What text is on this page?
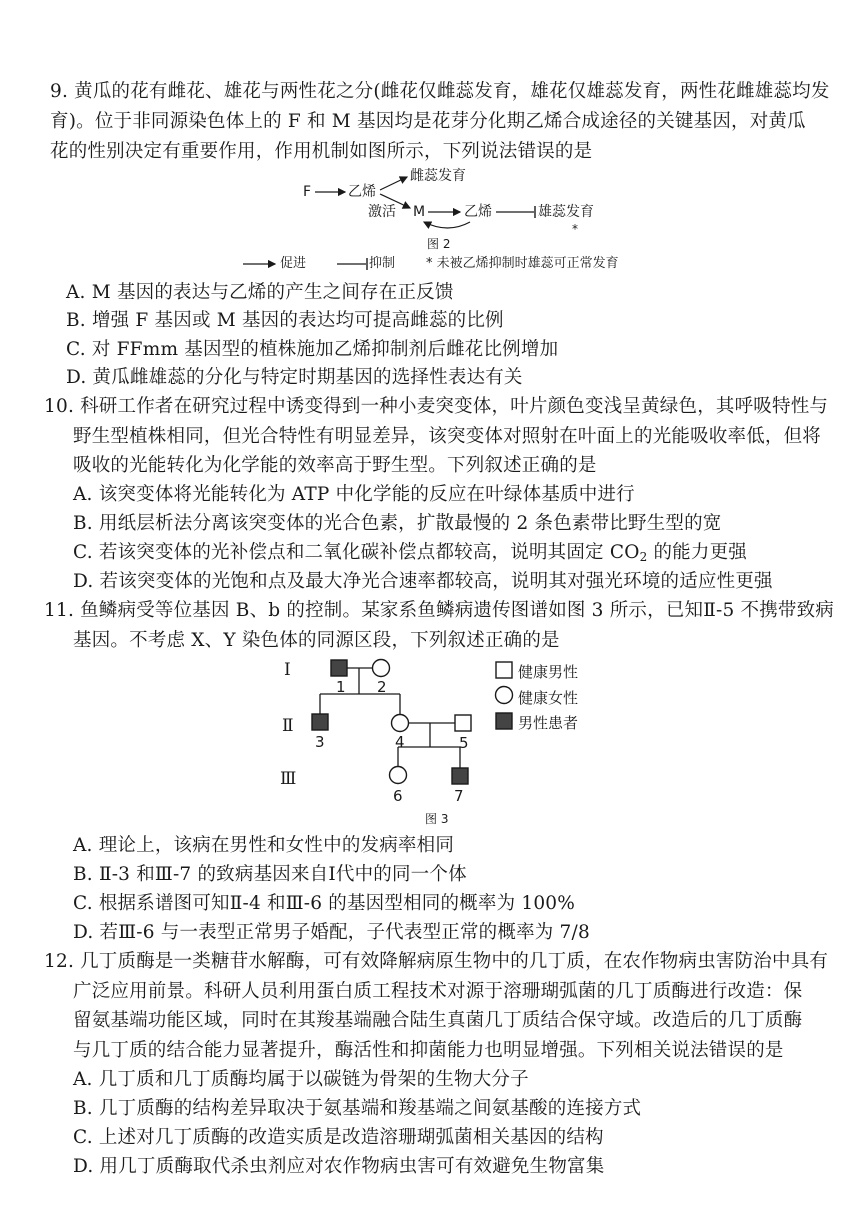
9. 黄瓜的花有雌花、雄花与两性花之分(雌花仅雌蕊发育，雄花仅雄蕊发育，两性花雌雄蕊均发
育)。位于非同源染色体上的 F 和 M 基因均是花芽分化期乙烯合成途径的关键基因，对黄瓜
花的性别决定有重要作用，作用机制如图所示，下列说法错误的是
F	乙烯
雌蕊发育
激活 M	乙烯	雄蕊发育
*
图 2
促进	抑制 * 未被乙烯抑制时雄蕊可正常发育
A. M 基因的表达与乙烯的产生之间存在正反馈
B. 增强 F 基因或 M 基因的表达均可提高雌蕊的比例
C. 对 FFmm 基因型的植株施加乙烯抑制剂后雌花比例增加
D. 黄瓜雌雄蕊的分化与特定时期基因的选择性表达有关
10. 科研工作者在研究过程中诱变得到一种小麦突变体，叶片颜色变浅呈黄绿色，其呼吸特性与
野生型植株相同，但光合特性有明显差异，该突变体对照射在叶面上的光能吸收率低，但将
吸收的光能转化为化学能的效率高于野生型。下列叙述正确的是
A. 该突变体将光能转化为 ATP 中化学能的反应在叶绿体基质中进行
B. 用纸层析法分离该突变体的光合色素，扩散最慢的 2 条色素带比野生型的宽
C. 若该突变体的光补偿点和二氧化碳补偿点都较高，说明其固定 $CO_2$ 的能力更强
D. 若该突变体的光饱和点及最大净光合速率都较高，说明其对强光环境的适应性更强
11. 鱼鳞病受等位基因 B、b 的控制。某家系鱼鳞病遗传图谱如图 3 所示，已知Ⅱ-5 不携带致病
基因。不考虑 X、Y 染色体的同源区段，下列叙述正确的是
Ⅰ
Ⅱ
Ⅲ
1 2
3	4	5
6	7
健康男性
健康女性
男性患者
图 3
A. 理论上，该病在男性和女性中的发病率相同
B. Ⅱ-3 和Ⅲ-7 的致病基因来自Ⅰ代中的同一个体
C. 根据系谱图可知Ⅱ-4 和Ⅲ-6 的基因型相同的概率为 100%
D. 若Ⅲ-6 与一表型正常男子婚配，子代表型正常的概率为 7/8
12. 几丁质酶是一类糖苷水解酶，可有效降解病原生物中的几丁质，在农作物病虫害防治中具有
广泛应用前景。科研人员利用蛋白质工程技术对源于溶珊瑚弧菌的几丁质酶进行改造：保
留氨基端功能区域，同时在其羧基端融合陆生真菌几丁质结合保守域。改造后的几丁质酶
与几丁质的结合能力显著提升，酶活性和抑菌能力也明显增强。下列相关说法错误的是
A. 几丁质和几丁质酶均属于以碳链为骨架的生物大分子
B. 几丁质酶的结构差异取决于氨基端和羧基端之间氨基酸的连接方式
C. 上述对几丁质酶的改造实质是改造溶珊瑚弧菌相关基因的结构
D. 用几丁质酶取代杀虫剂应对农作物病虫害可有效避免生物富集
